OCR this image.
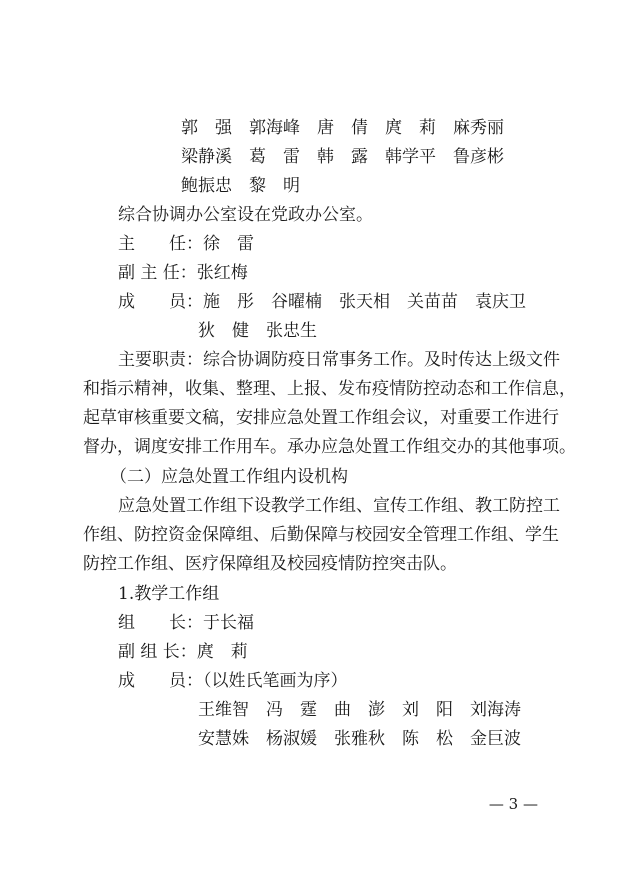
郭　强　郭海峰　唐　倩　庹　莉　麻秀丽
梁静溪　葛　雷　韩　露　韩学平　鲁彦彬
鲍振忠　黎　明
综合协调办公室设在党政办公室。
主　　任：徐　雷
副 主 任：张红梅
成　　员：施　彤　谷曜楠　张天相　关苗苗　袁庆卫
狄　健　张忠生
主要职责：综合协调防疫日常事务工作。及时传达上级文件
和指示精神，收集、整理、上报、发布疫情防控动态和工作信息，
起草审核重要文稿，安排应急处置工作组会议，对重要工作进行
督办，调度安排工作用车。承办应急处置工作组交办的其他事项。
（二）应急处置工作组内设机构
应急处置工作组下设教学工作组、宣传工作组、教工防控工
作组、防控资金保障组、后勤保障与校园安全管理工作组、学生
防控工作组、医疗保障组及校园疫情防控突击队。
1.教学工作组
组　　长：于长福
副 组 长：庹　莉
成　　员：（以姓氏笔画为序）
王维智　冯　霆　曲　澎　刘　阳　刘海涛
安慧姝　杨淑媛　张雅秋　陈　松　金巨波
— 3 —
